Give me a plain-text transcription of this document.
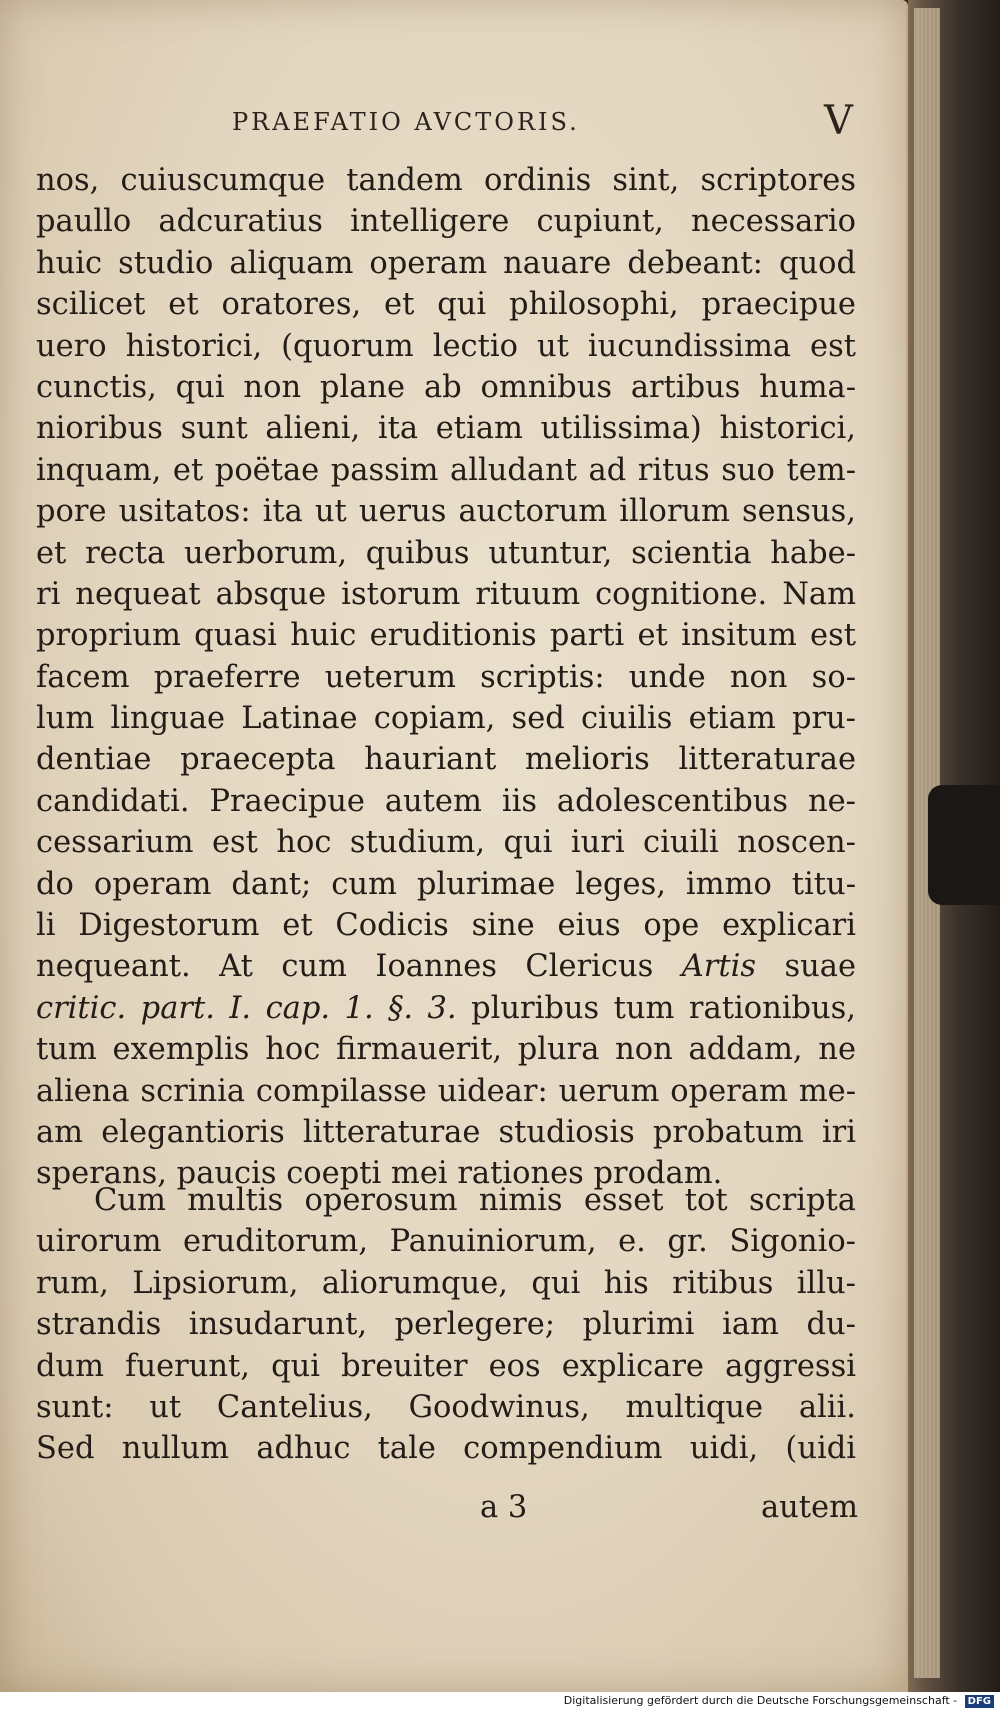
PRAEFATIO AVCTORIS.	V
nos, cuiuscumque tandem ordinis sint, scriptores
paullo adcuratius intelligere cupiunt, necessario
huic studio aliquam operam nauare debeant: quod
scilicet et oratores, et qui philosophi, praecipue
uero historici, (quorum lectio ut iucundissima est
cunctis, qui non plane ab omnibus artibus huma-
nioribus sunt alieni, ita etiam utilissima) historici,
inquam, et poëtae passim alludant ad ritus suo tem-
pore usitatos: ita ut uerus auctorum illorum sensus,
et recta uerborum, quibus utuntur, scientia habe-
ri nequeat absque istorum rituum cognitione. Nam
proprium quasi huic eruditionis parti et insitum est
facem praeferre ueterum scriptis: unde non so-
lum linguae Latinae copiam, sed ciuilis etiam pru-
dentiae praecepta hauriant melioris litteraturae
candidati. Praecipue autem iis adolescentibus ne-
cessarium est hoc studium, qui iuri ciuili noscen-
do operam dant; cum plurimae leges, immo titu-
li Digestorum et Codicis sine eius ope explicari
nequeant. At cum Ioannes Clericus Artis suae
critic. part. I. cap. 1. §. 3. pluribus tum rationibus,
tum exemplis hoc firmauerit, plura non addam, ne
aliena scrinia compilasse uidear: uerum operam me-
am elegantioris litteraturae studiosis probatum iri
sperans, paucis coepti mei rationes prodam.
Cum multis operosum nimis esset tot scripta
uirorum eruditorum, Panuiniorum, e. gr. Sigonio-
rum, Lipsiorum, aliorumque, qui his ritibus illu-
strandis insudarunt, perlegere; plurimi iam du-
dum fuerunt, qui breuiter eos explicare aggressi
sunt: ut Cantelius, Goodwinus, multique alii.
Sed nullum adhuc tale compendium uidi, (uidi
a 3	autem
Digitalisierung gefördert durch die Deutsche Forschungsgemeinschaft - DFG
